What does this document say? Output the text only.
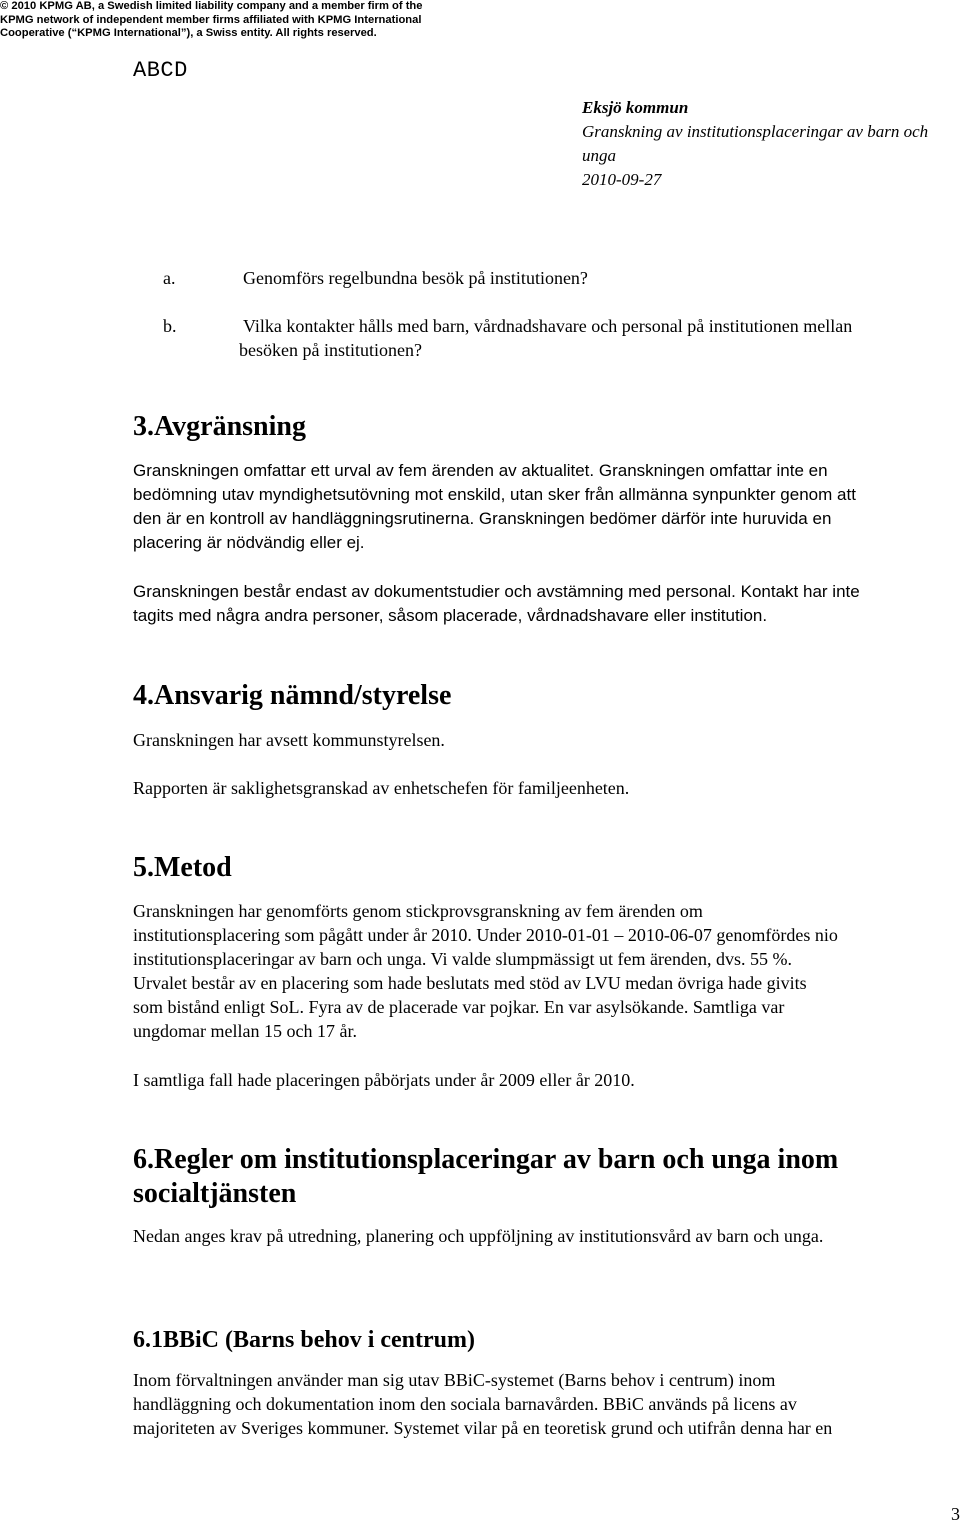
© 2010 KPMG AB, a Swedish limited liability company and a member firm of the
KPMG network of independent member firms affiliated with KPMG International
Cooperative (“KPMG International”), a Swiss entity. All rights reserved.
ABCD
Eksjö kommun
Granskning av institutionsplaceringar av barn och
unga
2010-09-27
a.	Genomförs regelbundna besök på institutionen?
b.	Vilka kontakter hålls med barn, vårdnadshavare och personal på institutionen mellan
besöken på institutionen?
3.Avgränsning
Granskningen omfattar ett urval av fem ärenden av aktualitet. Granskningen omfattar inte en
bedömning utav myndighetsutövning mot enskild, utan sker från allmänna synpunkter genom att
den är en kontroll av handläggningsrutinerna. Granskningen bedömer därför inte huruvida en
placering är nödvändig eller ej.
Granskningen består endast av dokumentstudier och avstämning med personal. Kontakt har inte
tagits med några andra personer, såsom placerade, vårdnadshavare eller institution.
4.Ansvarig nämnd/styrelse
Granskningen har avsett kommunstyrelsen.
Rapporten är saklighetsgranskad av enhetschefen för familjeenheten.
5.Metod
Granskningen har genomförts genom stickprovsgranskning av fem ärenden om
institutionsplacering som pågått under år 2010. Under 2010-01-01 – 2010-06-07 genomfördes nio
institutionsplaceringar av barn och unga. Vi valde slumpmässigt ut fem ärenden, dvs. 55 %.
Urvalet består av en placering som hade beslutats med stöd av LVU medan övriga hade givits
som bistånd enligt SoL. Fyra av de placerade var pojkar. En var asylsökande. Samtliga var
ungdomar mellan 15 och 17 år.
I samtliga fall hade placeringen påbörjats under år 2009 eller år 2010.
6.Regler om institutionsplaceringar av barn och unga inom
socialtjänsten
Nedan anges krav på utredning, planering och uppföljning av institutionsvård av barn och unga.
6.1BBiC (Barns behov i centrum)
Inom förvaltningen använder man sig utav BBiC-systemet (Barns behov i centrum) inom
handläggning och dokumentation inom den sociala barnavården. BBiC används på licens av
majoriteten av Sveriges kommuner. Systemet vilar på en teoretisk grund och utifrån denna har en
3
